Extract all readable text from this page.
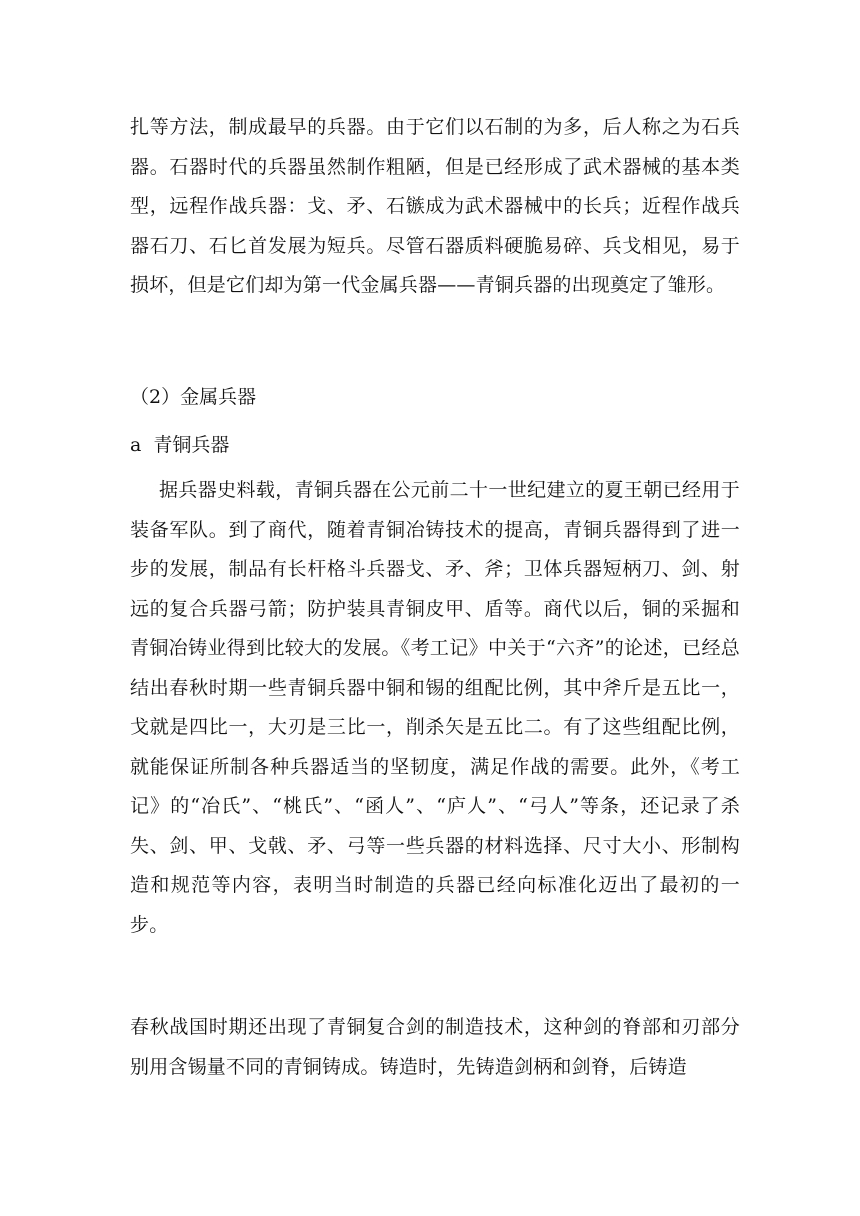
扎等方法，制成最早的兵器。由于它们以石制的为多，后人称之为石兵器。石器时代的兵器虽然制作粗陋，但是已经形成了武术器械的基本类型，远程作战兵器：戈、矛、石镞成为武术器械中的长兵；近程作战兵器石刀、石匕首发展为短兵。尽管石器质料硬脆易碎、兵戈相见，易于损坏，但是它们却为第一代金属兵器——青铜兵器的出现奠定了雏形。
（2）金属兵器
a  青铜兵器
据兵器史料载，青铜兵器在公元前二十一世纪建立的夏王朝已经用于装备军队。到了商代，随着青铜冶铸技术的提高，青铜兵器得到了进一步的发展，制品有长杆格斗兵器戈、矛、斧；卫体兵器短柄刀、剑、射远的复合兵器弓箭；防护装具青铜皮甲、盾等。商代以后，铜的采掘和青铜冶铸业得到比较大的发展。《考工记》中关于“六齐”的论述，已经总结出春秋时期一些青铜兵器中铜和锡的组配比例，其中斧斤是五比一，戈就是四比一，大刃是三比一，削杀矢是五比二。有了这些组配比例，就能保证所制各种兵器适当的坚韧度，满足作战的需要。此外，《考工记》的“冶氏”、“桃氏”、“函人”、“庐人”、“弓人”等条，还记录了杀失、剑、甲、戈戟、矛、弓等一些兵器的材料选择、尺寸大小、形制构造和规范等内容，表明当时制造的兵器已经向标准化迈出了最初的一步。
春秋战国时期还出现了青铜复合剑的制造技术，这种剑的脊部和刃部分别用含锡量不同的青铜铸成。铸造时，先铸造剑柄和剑脊，后铸造
